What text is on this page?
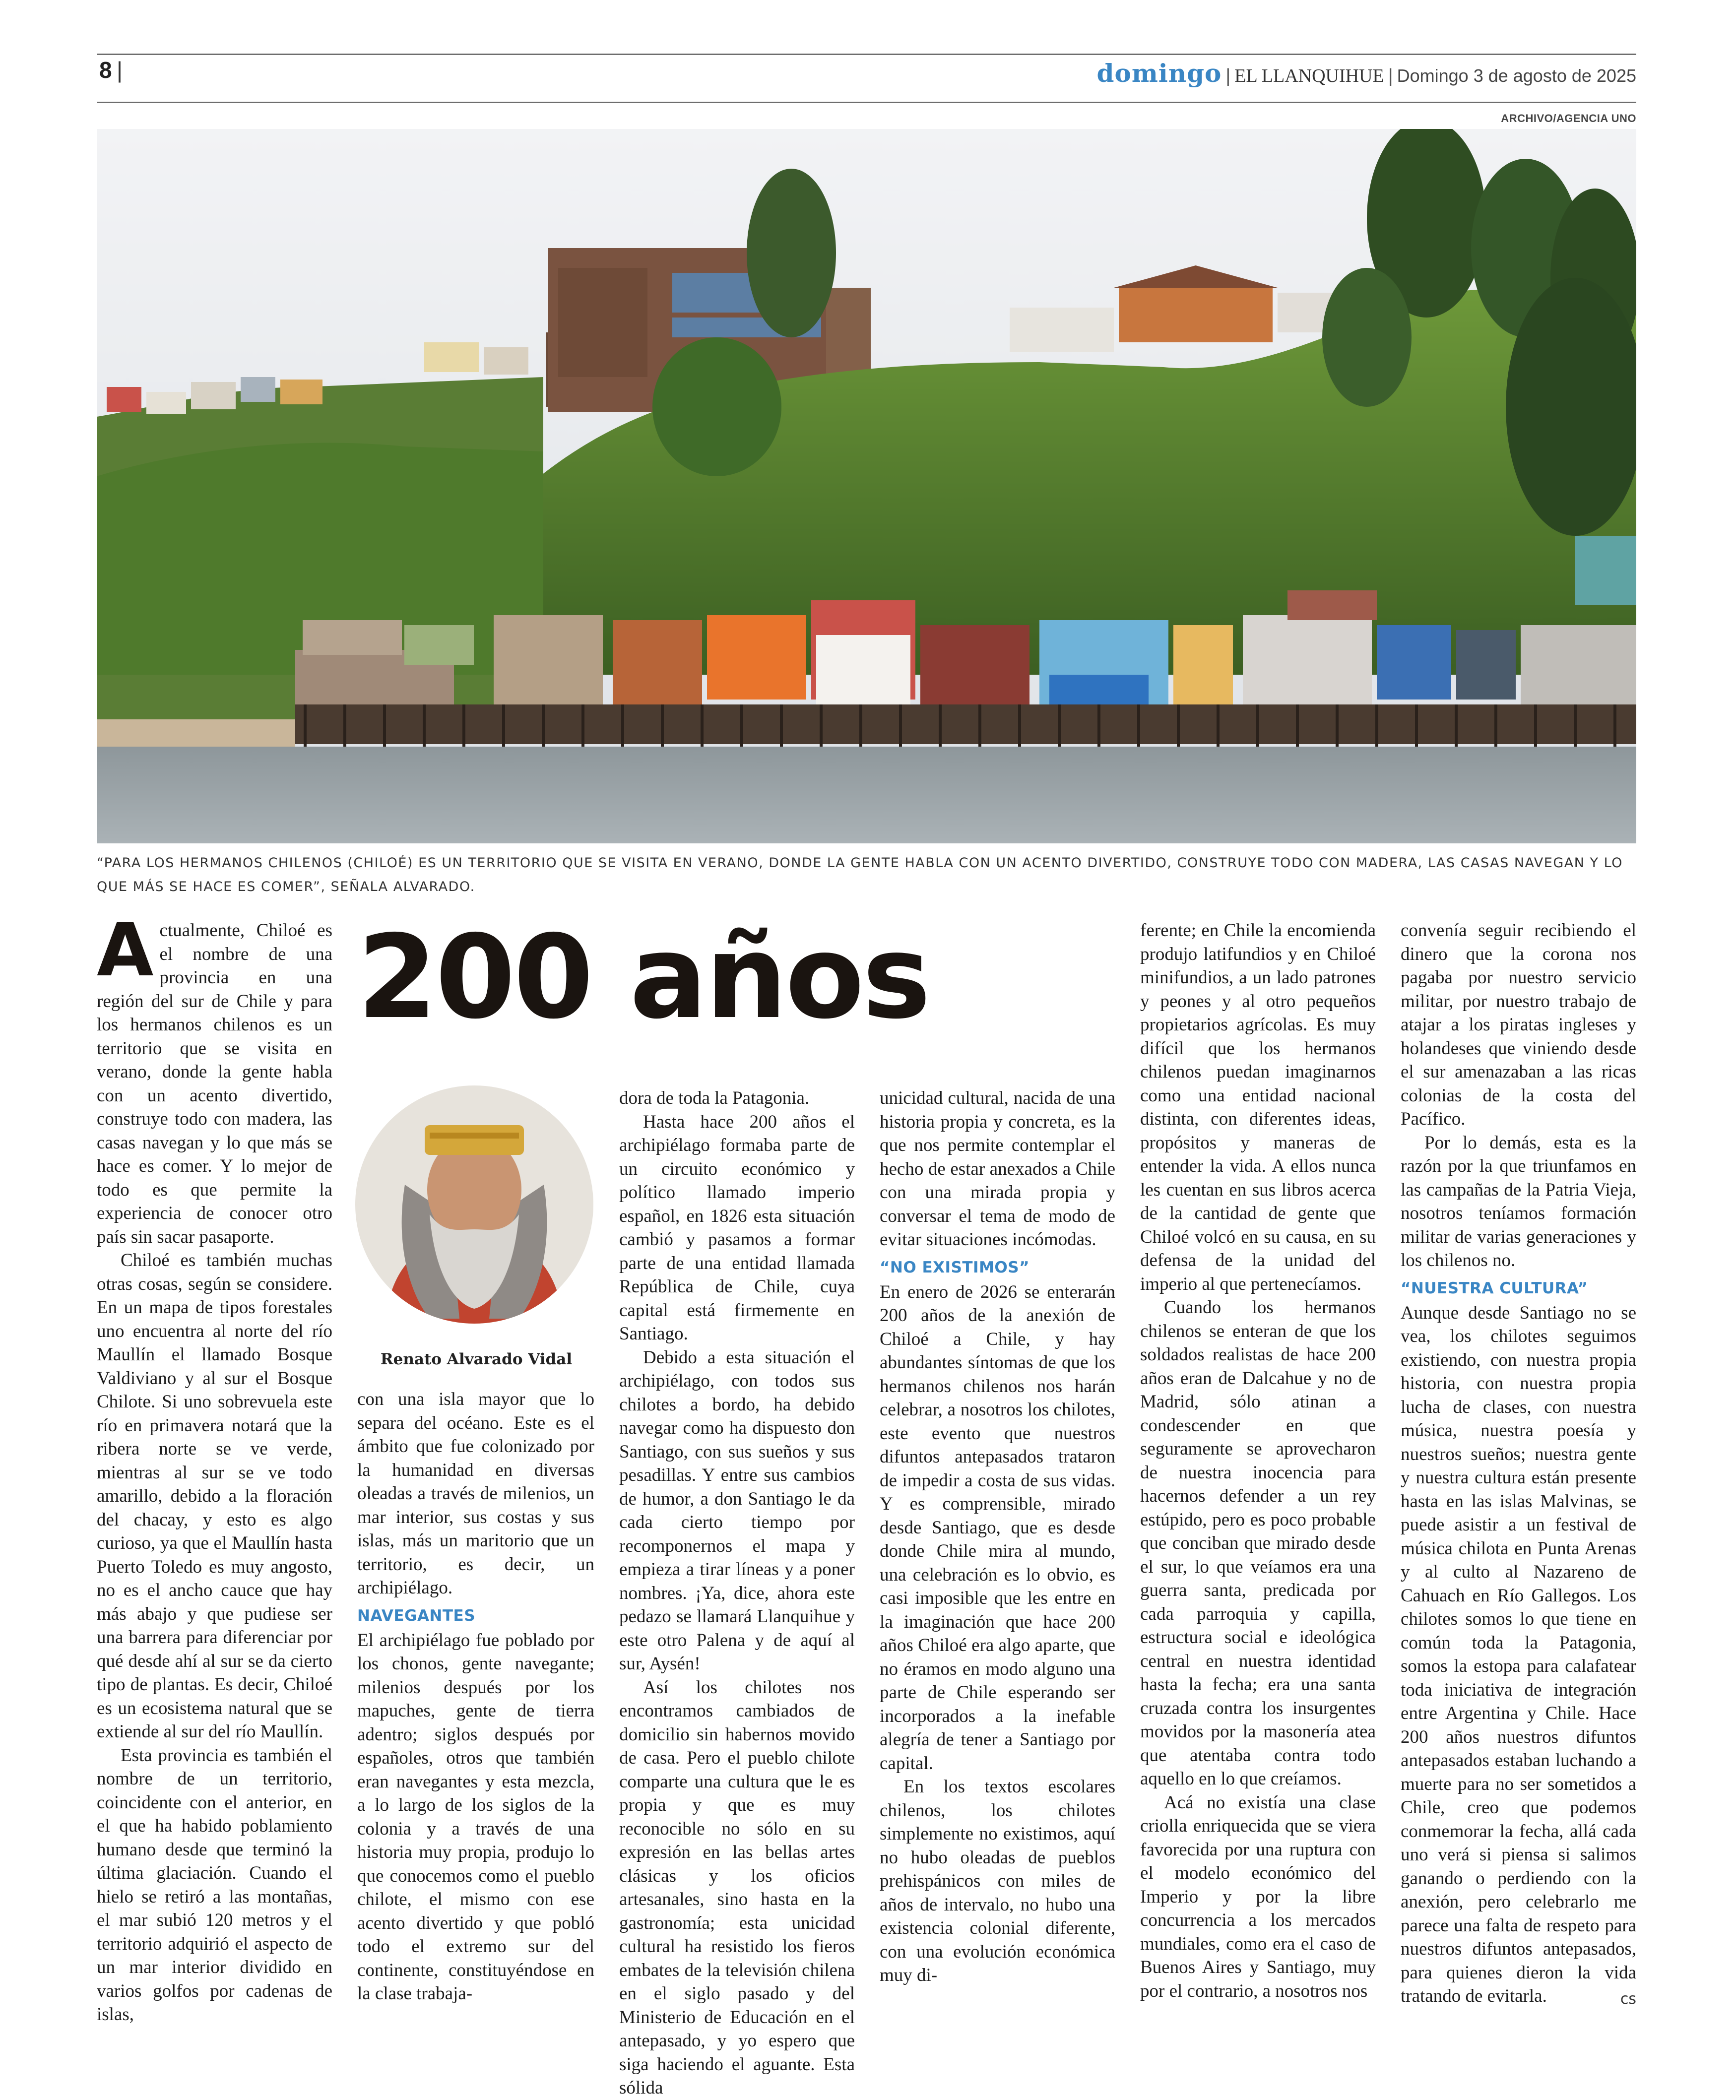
8 |	domingo | EL LLANQUIHUE | Domingo 3 de agosto de 2025
ARCHIVO/AGENCIA UNO
“PARA LOS HERMANOS CHILENOS (CHILOÉ) ES UN TERRITORIO QUE SE VISITA EN VERANO, DONDE LA GENTE HABLA CON UN ACENTO DIVERTIDO, CONSTRUYE TODO CON MADERA, LAS CASAS NAVEGAN Y LO QUE MÁS SE HACE ES COMER”, SEÑALA ALVARADO.
200 años
Renato Alvarado Vidal

Actualmente, Chiloé es el nombre de una provincia en una región del sur de Chile y para los hermanos chilenos es un territorio que se visita en verano, donde la gente habla con un acento divertido, construye todo con madera, las casas navegan y lo que más se hace es comer. Y lo mejor de todo es que permite la experiencia de conocer otro país sin sacar pasaporte.

Chiloé es también muchas otras cosas, según se considere. En un mapa de tipos forestales uno encuentra al norte del río Maullín el llamado Bosque Valdiviano y al sur el Bosque Chilote. Si uno sobrevuela este río en primavera notará que la ribera norte se ve verde, mientras al sur se ve todo amarillo, debido a la floración del chacay, y esto es algo curioso, ya que el Maullín hasta Puerto Toledo es muy angosto, no es el ancho cauce que hay más abajo y que pudiese ser una barrera para diferenciar por qué desde ahí al sur se da cierto tipo de plantas. Es decir, Chiloé es un ecosistema natural que se extiende al sur del río Maullín.

Esta provincia es también el nombre de un territorio, coincidente con el anterior, en el que ha habido poblamiento humano desde que terminó la última glaciación. Cuando el hielo se retiró a las montañas, el mar subió 120 metros y el territorio adquirió el aspecto de un mar interior dividido en varios golfos por cadenas de islas,

con una isla mayor que lo separa del océano. Este es el ámbito que fue colonizado por la humanidad en diversas oleadas a través de milenios, un mar interior, sus costas y sus islas, más un maritorio que un territorio, es decir, un archipiélago.

NAVEGANTES

El archipiélago fue poblado por los chonos, gente navegante; milenios después por los mapuches, gente de tierra adentro; siglos después por españoles, otros que también eran navegantes y esta mezcla, a lo largo de los siglos de la colonia y a través de una historia muy propia, produjo lo que conocemos como el pueblo chilote, el mismo con ese acento divertido y que pobló todo el extremo sur del continente, constituyéndose en la clase trabaja-

dora de toda la Patagonia.

Hasta hace 200 años el archipiélago formaba parte de un circuito económico y político llamado imperio español, en 1826 esta situación cambió y pasamos a formar parte de una entidad llamada República de Chile, cuya capital está firmemente en Santiago.

Debido a esta situación el archipiélago, con todos sus chilotes a bordo, ha debido navegar como ha dispuesto don Santiago, con sus sueños y sus pesadillas. Y entre sus cambios de humor, a don Santiago le da cada cierto tiempo por recomponernos el mapa y empieza a tirar líneas y a poner nombres. ¡Ya, dice, ahora este pedazo se llamará Llanquihue y este otro Palena y de aquí al sur, Aysén!

Así los chilotes nos encontramos cambiados de domicilio sin habernos movido de casa. Pero el pueblo chilote comparte una cultura que le es propia y que es muy reconocible no sólo en su expresión en las bellas artes clásicas y los oficios artesanales, sino hasta en la gastronomía; esta unicidad cultural ha resistido los fieros embates de la televisión chilena en el siglo pasado y del Ministerio de Educación en el antepasado, y yo espero que siga haciendo el aguante. Esta sólida

unicidad cultural, nacida de una historia propia y concreta, es la que nos permite contemplar el hecho de estar anexados a Chile con una mirada propia y conversar el tema de modo de evitar situaciones incómodas.

“NO EXISTIMOS”

En enero de 2026 se enterarán 200 años de la anexión de Chiloé a Chile, y hay abundantes síntomas de que los hermanos chilenos nos harán celebrar, a nosotros los chilotes, este evento que nuestros difuntos antepasados trataron de impedir a costa de sus vidas. Y es comprensible, mirado desde Santiago, que es desde donde Chile mira al mundo, una celebración es lo obvio, es casi imposible que les entre en la imaginación que hace 200 años Chiloé era algo aparte, que no éramos en modo alguno una parte de Chile esperando ser incorporados a la inefable alegría de tener a Santiago por capital.

En los textos escolares chilenos, los chilotes simplemente no existimos, aquí no hubo oleadas de pueblos prehispánicos con miles de años de intervalo, no hubo una existencia colonial diferente, con una evolución económica muy di-

ferente; en Chile la encomienda produjo latifundios y en Chiloé minifundios, a un lado patrones y peones y al otro pequeños propietarios agrícolas. Es muy difícil que los hermanos chilenos puedan imaginarnos como una entidad nacional distinta, con diferentes ideas, propósitos y maneras de entender la vida. A ellos nunca les cuentan en sus libros acerca de la cantidad de gente que Chiloé volcó en su causa, en su defensa de la unidad del imperio al que pertenecíamos.

Cuando los hermanos chilenos se enteran de que los soldados realistas de hace 200 años eran de Dalcahue y no de Madrid, sólo atinan a condescender en que seguramente se aprovecharon de nuestra inocencia para hacernos defender a un rey estúpido, pero es poco probable que conciban que mirado desde el sur, lo que veíamos era una guerra santa, predicada por cada parroquia y capilla, estructura social e ideológica central en nuestra identidad hasta la fecha; era una santa cruzada contra los insurgentes movidos por la masonería atea que atentaba contra todo aquello en lo que creíamos.

Acá no existía una clase criolla enriquecida que se viera favorecida por una ruptura con el modelo económico del Imperio y por la libre concurrencia a los mercados mundiales, como era el caso de Buenos Aires y Santiago, muy por el contrario, a nosotros nos

convenía seguir recibiendo el dinero que la corona nos pagaba por nuestro servicio militar, por nuestro trabajo de atajar a los piratas ingleses y holandeses que viniendo desde el sur amenazaban a las ricas colonias de la costa del Pacífico.

Por lo demás, esta es la razón por la que triunfamos en las campañas de la Patria Vieja, nosotros teníamos formación militar de varias generaciones y los chilenos no.

“NUESTRA CULTURA”

Aunque desde Santiago no se vea, los chilotes seguimos existiendo, con nuestra propia historia, con nuestra propia lucha de clases, con nuestra música, nuestra poesía y nuestros sueños; nuestra gente y nuestra cultura están presente hasta en las islas Malvinas, se puede asistir a un festival de música chilota en Punta Arenas y al culto al Nazareno de Cahuach en Río Gallegos. Los chilotes somos lo que tiene en común toda la Patagonia, somos la estopa para calafatear toda iniciativa de integración entre Argentina y Chile. Hace 200 años nuestros difuntos antepasados estaban luchando a muerte para no ser sometidos a Chile, creo que podemos conmemorar la fecha, allá cada uno verá si piensa si salimos ganando o perdiendo con la anexión, pero celebrarlo me parece una falta de respeto para nuestros difuntos antepasados, para quienes dieron la vida tratando de evitarla.	cs
